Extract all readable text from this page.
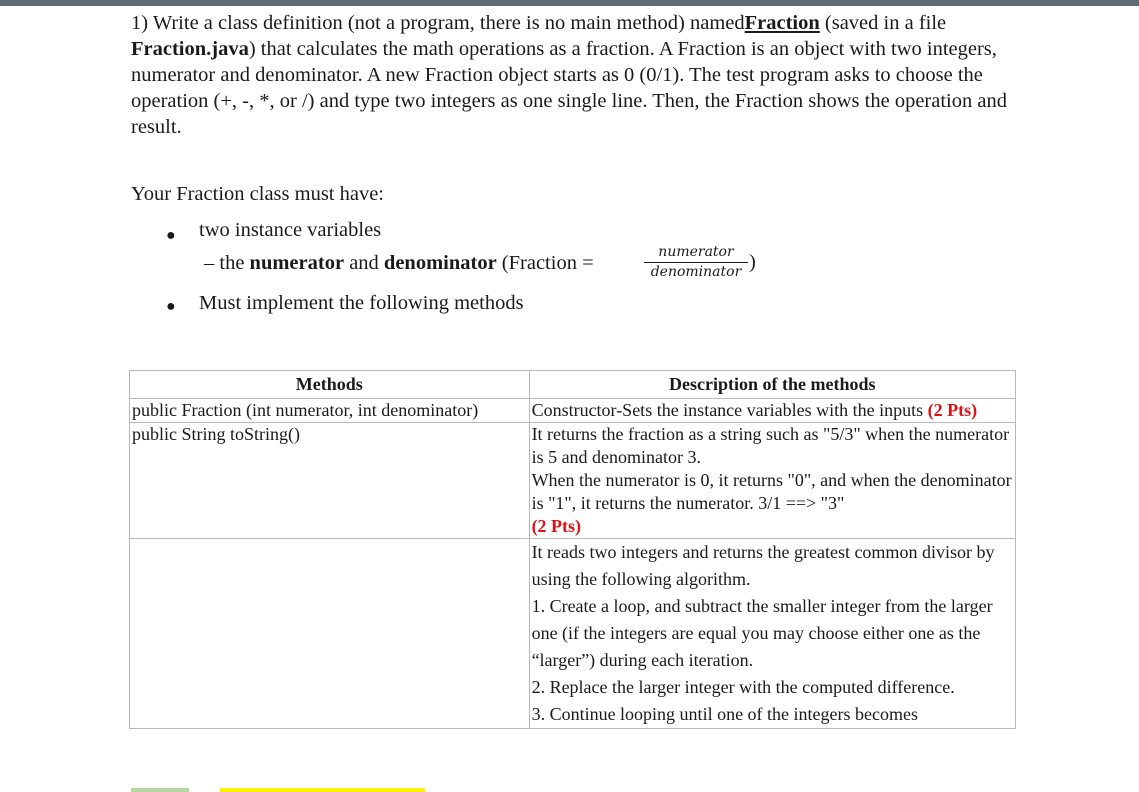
1) Write a class definition (not a program, there is no main method) namedFraction (saved in a file Fraction.java) that calculates the math operations as a fraction. A Fraction is an object with two integers, numerator and denominator. A new Fraction object starts as 0 (0/1). The test program asks to choose the operation (+, -, *, or /) and type two integers as one single line. Then, the Fraction shows the operation and result.
Your Fraction class must have:
● two instance variables
– the numerator and denominator (Fraction =	numerator
denominator )
● Must implement the following methods
Methods	Description of the methods
public Fraction (int numerator, int denominator)	Constructor-Sets the instance variables with the inputs (2 Pts)
public String toString()	It returns the fraction as a string such as "5/3" when the numerator is 5 and denominator 3.
When the numerator is 0, it returns "0", and when the denominator is "1", it returns the numerator. 3/1 ==> "3"
(2 Pts)

	It reads two integers and returns the greatest common divisor by using the following algorithm.
1. Create a loop, and subtract the smaller integer from the larger one (if the integers are equal you may choose either one as the “larger”) during each iteration.
2. Replace the larger integer with the computed difference.
3. Continue looping until one of the integers becomes
